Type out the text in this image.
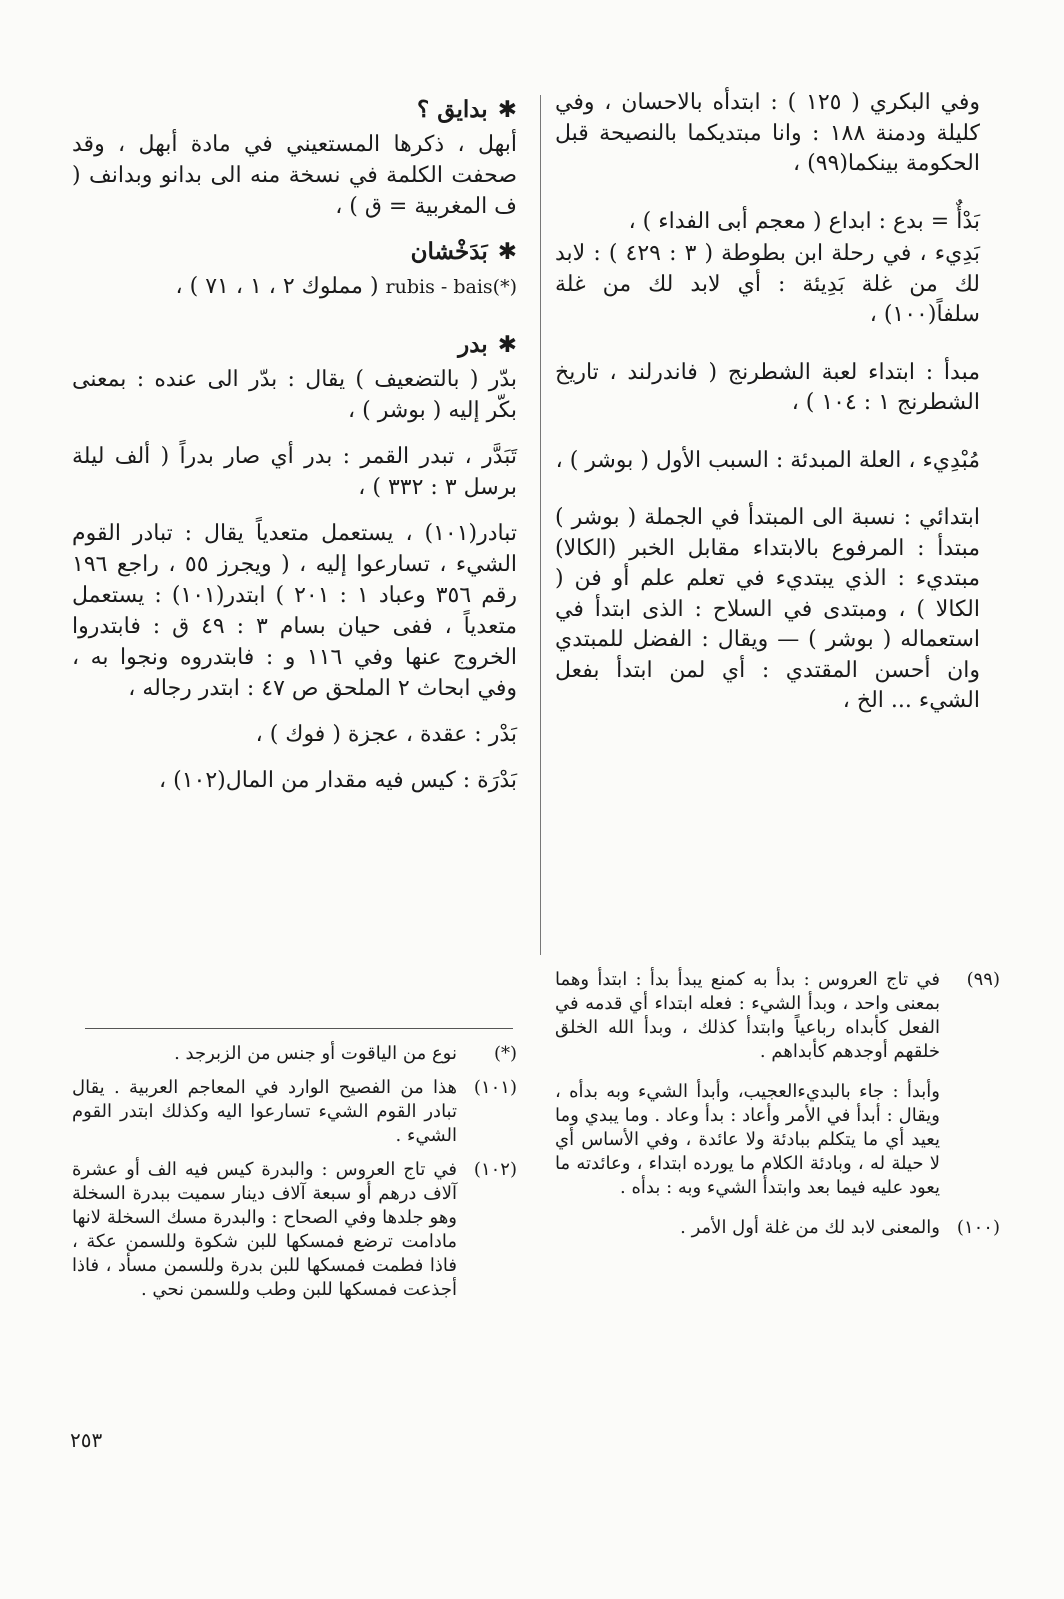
وفي البكري ( ١٢٥ ) : ابتدأه بالاحسان ، وفي كليلة ودمنة ١٨٨ : وانا مبتديكما بالنصيحة قبل الحكومة بينكما(٩٩) ،

بَدْأٌ = بدع : ابداع ( معجم أبى الفداء ) ،

بَدِيء ، في رحلة ابن بطوطة ( ٣ : ٤٢٩ ) : لابد لك من غلة بَدِيئة : أي لابد لك من غلة سلفاً(١٠٠) ،

مبدأ : ابتداء لعبة الشطرنج ( فاندرلند ، تاريخ الشطرنج ١ : ١٠٤ ) ،

مُبْدِيء ، العلة المبدئة : السبب الأول ( بوشر ) ،

ابتدائي : نسبة الى المبتدأ في الجملة ( بوشر ) مبتدأ : المرفوع بالابتداء مقابل الخبر (الكالا) مبتديء : الذي يبتديء في تعلم علم أو فن ( الكالا ) ، ومبتدى في السلاح : الذى ابتدأ في استعماله ( بوشر ) — ويقال : الفضل للمبتدي وان أحسن المقتدي : أي لمن ابتدأ بفعل الشيء ... الخ ،

✱بدايق ؟

أبهل ، ذكرها المستعيني في مادة أبهل ، وقد صحفت الكلمة في نسخة منه الى بدانو وبدانف ( ف المغربية = ق ) ،

✱بَدَخْشان

rubis - bais(*) ( مملوك ٢ ، ١ ، ٧١ ) ،

✱بدر

بدّر ( بالتضعيف ) يقال : بدّر الى عنده : بمعنى بكّر إليه ( بوشر ) ،

تَبَدَّر ، تبدر القمر : بدر أي صار بدراً ( ألف ليلة برسل ٣ : ٣٣٢ ) ،

تبادر(١٠١) ، يستعمل متعدياً يقال : تبادر القوم الشيء ، تسارعوا إليه ، ( ويجرز ٥٥ ، راجع ١٩٦ رقم ٣٥٦ وعباد ١ : ٢٠١ ) ابتدر(١٠١) : يستعمل متعدياً ، ففى حيان بسام ٣ : ٤٩ ق : فابتدروا الخروج عنها وفي ١١٦ و : فابتدروه ونجوا به ، وفي ابحاث ٢ الملحق ص ٤٧ : ابتدر رجاله ،

بَدْر : عقدة ، عجزة ( فوك ) ،

بَدْرَة : كيس فيه مقدار من المال(١٠٢) ،

(*)
نوع من الياقوت أو جنس من الزبرجد .
(١٠١)
هذا من الفصيح الوارد في المعاجم العربية . يقال تبادر القوم الشيء تسارعوا اليه وكذلك ابتدر القوم الشيء .
(١٠٢)
في تاج العروس : والبدرة كيس فيه الف أو عشرة آلاف درهم أو سبعة آلاف دينار سميت ببدرة السخلة وهو جلدها وفي الصحاح : والبدرة مسك السخلة لانها مادامت ترضع فمسكها للبن شكوة وللسمن عكة ، فاذا فطمت فمسكها للبن بدرة وللسمن مسأد ، فاذا أجذعت فمسكها للبن وطب وللسمن نحي .
(٩٩)
في تاج العروس : بدأ به كمنع يبدأ بدأ : ابتدأ وهما بمعنى واحد ، وبدأ الشيء : فعله ابتداء أي قدمه في الفعل كأبداه رباعياً وابتدأ كذلك ، وبدأ الله الخلق خلقهم أوجدهم كأبداهم .
وأبدأ : جاء بالبديءالعجيب، وأبدأ الشيء وبه بدأه ، ويقال : أبدأ في الأمر وأعاد : بدأ وعاد . وما يبدي وما يعيد أي ما يتكلم ببادئة ولا عائدة ، وفي الأساس أي لا حيلة له ، وبادئة الكلام ما يورده ابتداء ، وعائدته ما يعود عليه فيما بعد وابتدأ الشيء وبه : بدأه .
(١٠٠)
والمعنى لابد لك من غلة أول الأمر .
٢٥٣
